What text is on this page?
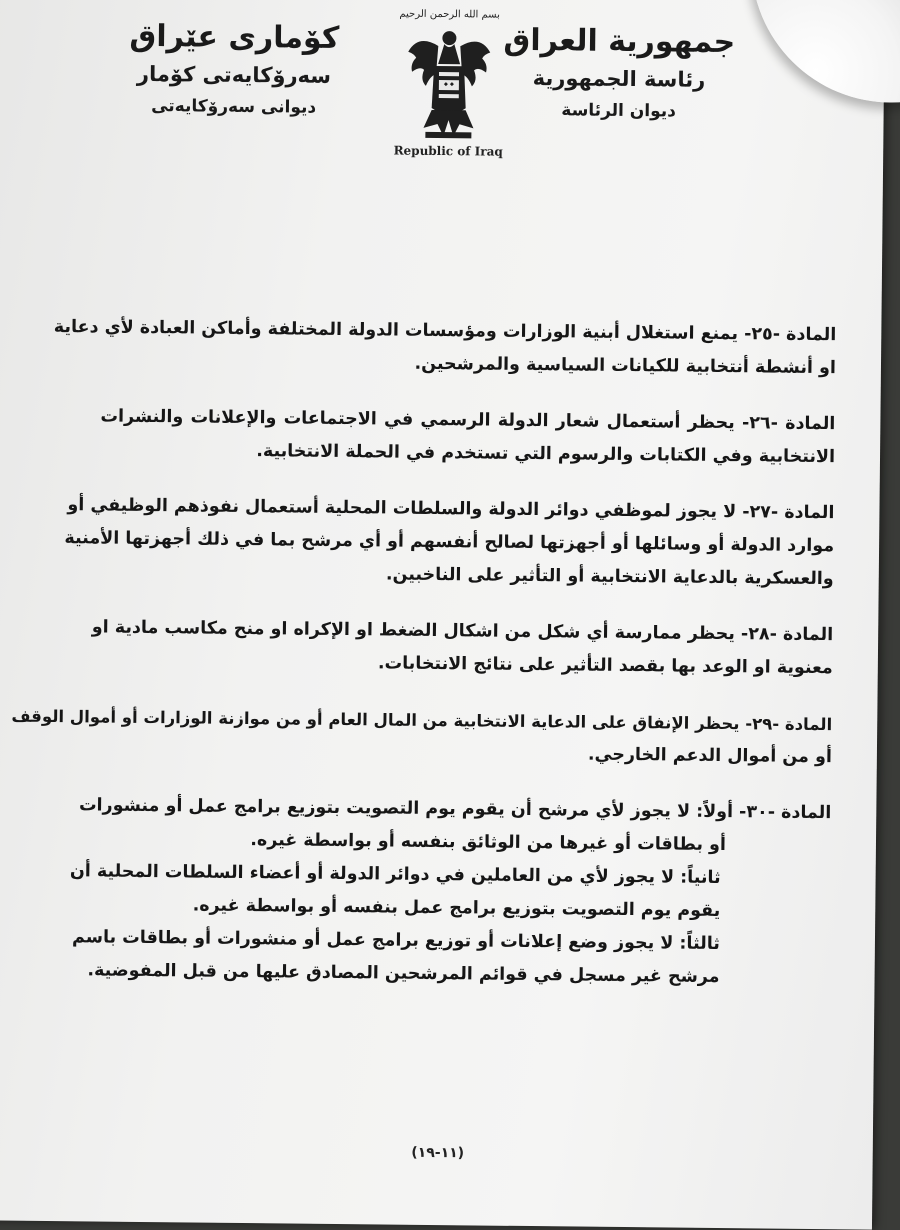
جمهورية العراق
رئاسة الجمهورية
ديوان الرئاسة
بسم الله الرحمن الرحيم
Republic of Iraq
كۆماری عێراق
سەرۆکایەتی کۆمار
دیوانی سەرۆکایەتی
المادة -٢٥- يمنع استغلال أبنية الوزارات ومؤسسات الدولة المختلفة وأماكن العبادة لأي دعاية
او أنشطة أنتخابية للكيانات السياسية والمرشحين.
المادة -٢٦- يحظر أستعمال شعار الدولة الرسمي في الاجتماعات والإعلانات والنشرات
الانتخابية وفي الكتابات والرسوم التي تستخدم في الحملة الانتخابية.
المادة -٢٧- لا يجوز لموظفي دوائر الدولة والسلطات المحلية أستعمال نفوذهم الوظيفي أو
موارد الدولة أو وسائلها أو أجهزتها لصالح أنفسهم أو أي مرشح بما في ذلك أجهزتها الأمنية
والعسكرية بالدعاية الانتخابية أو التأثير على الناخبين.
المادة -٢٨- يحظر ممارسة أي شكل من اشكال الضغط او الإكراه او منح مكاسب مادية او
معنوية او الوعد بها بقصد التأثير على نتائج الانتخابات.
المادة -٢٩- يحظر الإنفاق على الدعاية الانتخابية من المال العام أو من موازنة الوزارات أو أموال الوقف
أو من أموال الدعم الخارجي.
المادة -٣٠- أولاً: لا يجوز لأي مرشح أن يقوم يوم التصويت بتوزيع برامج عمل أو منشورات
أو بطاقات أو غيرها من الوثائق بنفسه أو بواسطة غيره.
ثانياً: لا يجوز لأي من العاملين في دوائر الدولة أو أعضاء السلطات المحلية أن
يقوم يوم التصويت بتوزيع برامج عمل بنفسه أو بواسطة غيره.
ثالثاً: لا يجوز وضع إعلانات أو توزيع برامج عمل أو منشورات أو بطاقات باسم
مرشح غير مسجل في قوائم المرشحين المصادق عليها من قبل المفوضية.
(١١-١٩)
